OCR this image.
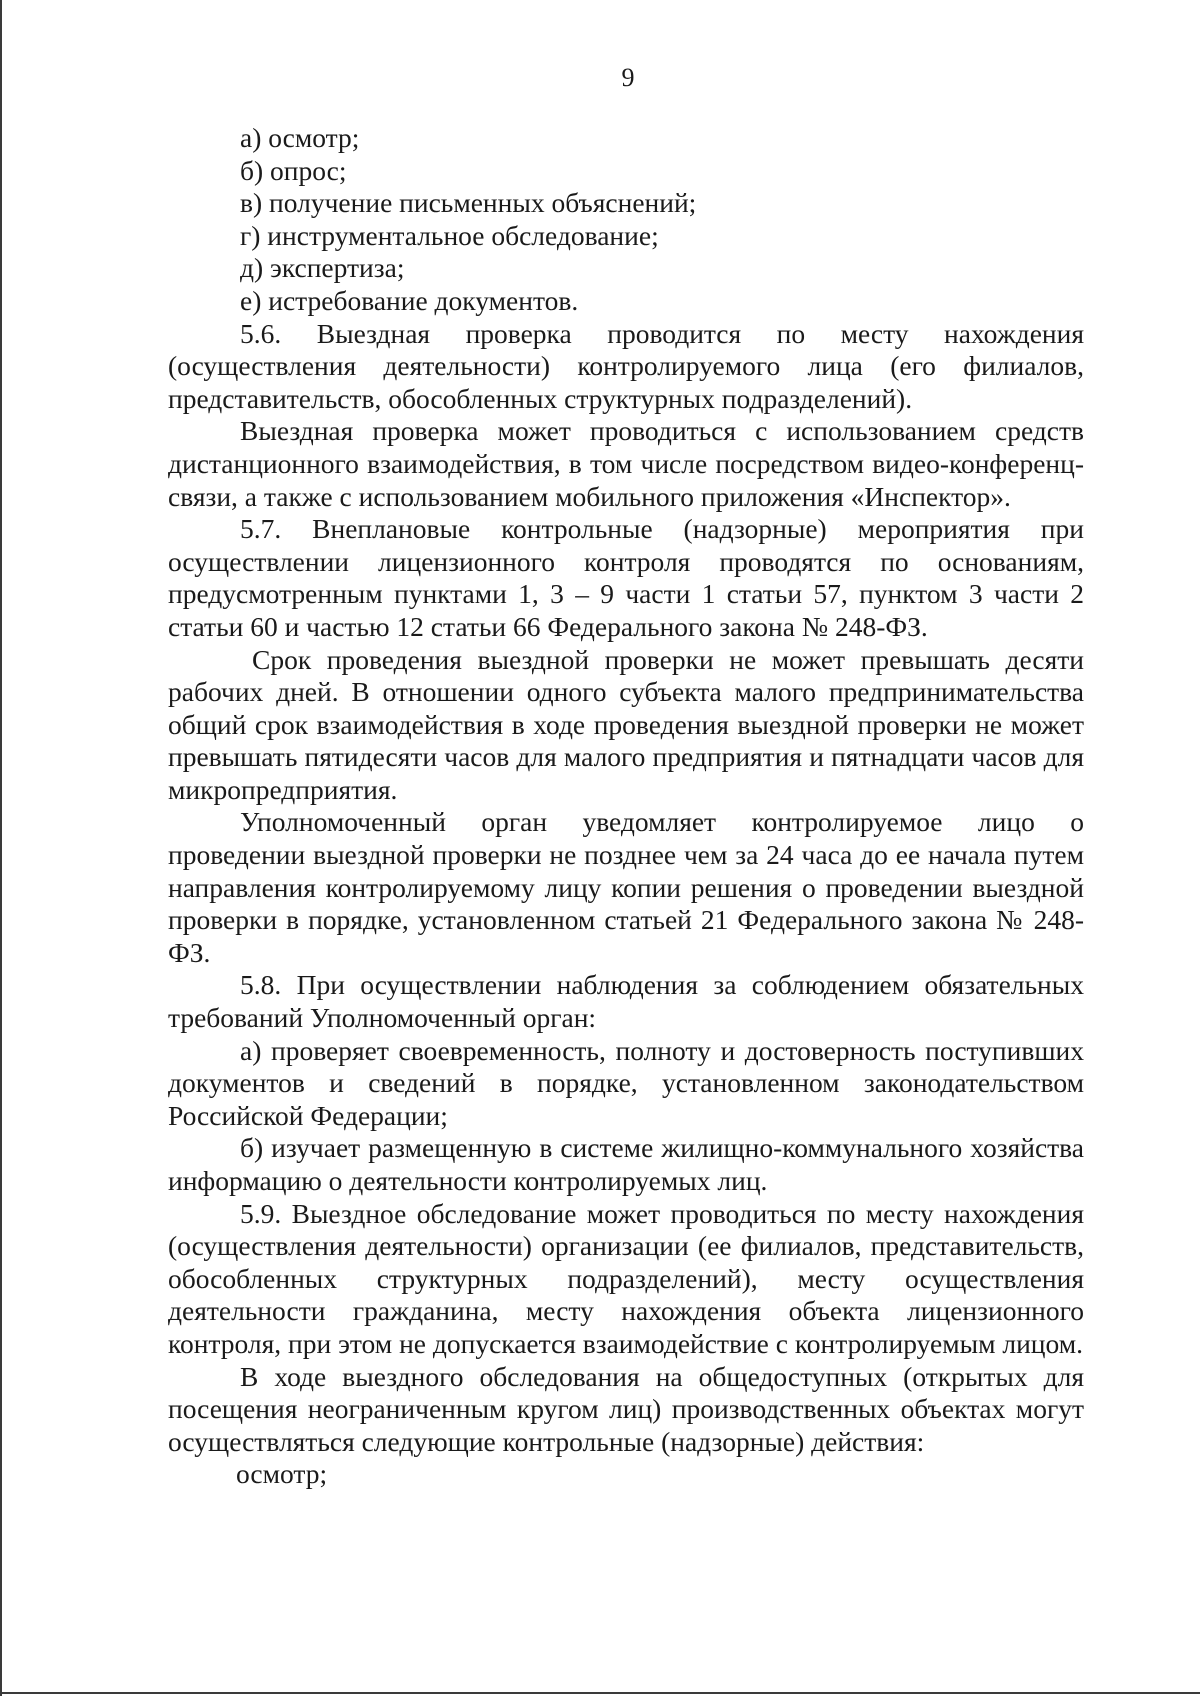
9

а) осмотр;

б) опрос;

в) получение письменных объяснений;

г) инструментальное обследование;

д) экспертиза;

е) истребование документов.

5.6. Выездная проверка проводится по месту нахождения (осуществления деятельности) контролируемого лица (его филиалов, представительств, обособленных структурных подразделений).

Выездная проверка может проводиться с использованием средств дистанционного взаимодействия, в том числе посредством видео-конференц-связи, а также с использованием мобильного приложения «Инспектор».

5.7. Внеплановые контрольные (надзорные) мероприятия при осуществлении лицензионного контроля проводятся по основаниям, предусмотренным пунктами 1, 3 – 9 части 1 статьи 57, пунктом 3 части 2 статьи 60 и частью 12 статьи 66 Федерального закона № 248-ФЗ.

Срок проведения выездной проверки не может превышать десяти рабочих дней. В отношении одного субъекта малого предпринимательства общий срок взаимодействия в ходе проведения выездной проверки не может превышать пятидесяти часов для малого предприятия и пятнадцати часов для микропредприятия.

Уполномоченный орган уведомляет контролируемое лицо о проведении выездной проверки не позднее чем за 24 часа до ее начала путем направления контролируемому лицу копии решения о проведении выездной проверки в порядке, установленном статьей 21 Федерального закона № 248-ФЗ.

5.8. При осуществлении наблюдения за соблюдением обязательных требований Уполномоченный орган:

а) проверяет своевременность, полноту и достоверность поступивших документов и сведений в порядке, установленном законодательством Российской Федерации;

б) изучает размещенную в системе жилищно-коммунального хозяйства информацию о деятельности контролируемых лиц.

5.9. Выездное обследование может проводиться по месту нахождения (осуществления деятельности) организации (ее филиалов, представительств, обособленных структурных подразделений), месту осуществления деятельности гражданина, месту нахождения объекта лицензионного контроля, при этом не допускается взаимодействие с контролируемым лицом.

В ходе выездного обследования на общедоступных (открытых для посещения неограниченным кругом лиц) производственных объектах могут осуществляться следующие контрольные (надзорные) действия:

осмотр;
